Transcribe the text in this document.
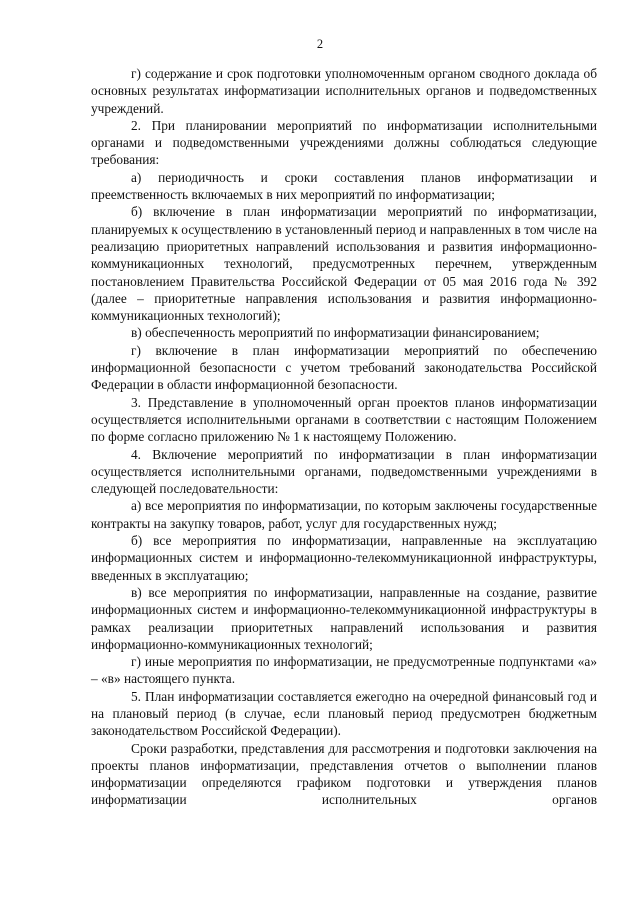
2

г) содержание и срок подготовки уполномоченным органом сводного доклада об основных результатах информатизации исполнительных органов и подведомственных учреждений.

2. При планировании мероприятий по информатизации исполнительными органами и подведомственными учреждениями должны соблюдаться следующие требования:

а) периодичность и сроки составления планов информатизации и преемственность включаемых в них мероприятий по информатизации;

б) включение в план информатизации мероприятий по информатизации, планируемых к осуществлению в установленный период и направленных в том числе на реализацию приоритетных направлений использования и развития информационно-коммуникационных технологий, предусмотренных перечнем, утвержденным постановлением Правительства Российской Федерации от 05 мая 2016 года № 392 (далее – приоритетные направления использования и развития информационно-коммуникационных технологий);

в) обеспеченность мероприятий по информатизации финансированием;

г) включение в план информатизации мероприятий по обеспечению информационной безопасности с учетом требований законодательства Российской Федерации в области информационной безопасности.

3. Представление в уполномоченный орган проектов планов информатизации осуществляется исполнительными органами в соответствии с настоящим Положением по форме согласно приложению № 1 к настоящему Положению.

4. Включение мероприятий по информатизации в план информатизации осуществляется исполнительными органами, подведомственными учреждениями в следующей последовательности:

а) все мероприятия по информатизации, по которым заключены государственные контракты на закупку товаров, работ, услуг для государственных нужд;

б) все мероприятия по информатизации, направленные на эксплуатацию информационных систем и информационно-телекоммуникационной инфраструктуры, введенных в эксплуатацию;

в) все мероприятия по информатизации, направленные на создание, развитие информационных систем и информационно-телекоммуникационной инфраструктуры в рамках реализации приоритетных направлений использования и развития информационно-коммуникационных технологий;

г) иные мероприятия по информатизации, не предусмотренные подпунктами «а» – «в» настоящего пункта.

5. План информатизации составляется ежегодно на очередной финансовый год и на плановый период (в случае, если плановый период предусмотрен бюджетным законодательством Российской Федерации).

Сроки разработки, представления для рассмотрения и подготовки заключения на проекты планов информатизации, представления отчетов о выполнении планов информатизации определяются графиком подготовки и утверждения планов информатизации исполнительных органов
